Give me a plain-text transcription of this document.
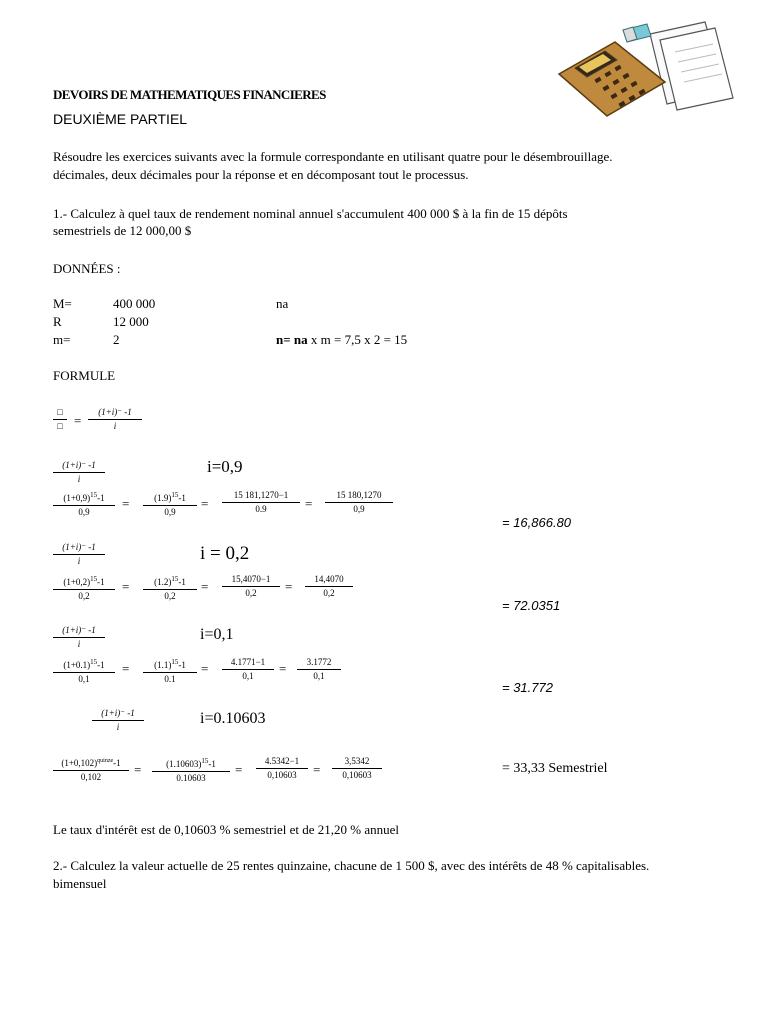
DEVOIRS DE MATHEMATIQUES FINANCIERES
DEUXIÈME PARTIEL
Résoudre les exercices suivants avec la formule correspondante en utilisant quatre pour le désembrouillage.
décimales, deux décimales pour la réponse et en décomposant tout le processus.
1.- Calculez à quel taux de rendement nominal annuel s'accumulent 400 000 $ à la fin de 15 dépôts
semestriels de 12 000,00 $
DONNÉES :
M=	400 000	na
R	12 000
m=	2	n= na x m = 7,5 x 2 = 15
FORMULE
□
□ =
(1+i)⁻ -1
i
(1+i)⁻ -1
i
i=0,9
$(1+0,9)^{15}-1$
0,9
=	$(1.9)^{15}-1$
0,9
=
15 181,1270−1
0.9	=
15 180,1270
0,9
= 16,866.80
(1+i)⁻ -1
i	i = 0,2
$(1+0,2)^{15}-1$
0,2
=	$(1.2)^{15}-1$
0,2
=	15,4070−1
0,2	=	14,4070
0,2
= 72.0351
(1+i)⁻ -1
i
i=0,1
$(1+0.1)^{15}-1$
0,1
=	$(1.1)^{15}-1$
0.1
=	4.1771−1
0,1	=	3.1772
0,1
= 31.772
(1+i)⁻ -1
i	i=0.10603
$(1+0,102)^{quinze}-1$
0,102	=	$(1.10603)^{15}-1$
0.10603
=
4.5342−1
0,10603	=
3,5342
0,10603	= 33,33 Semestriel
Le taux d'intérêt est de 0,10603 % semestriel et de 21,20 % annuel
2.- Calculez la valeur actuelle de 25 rentes quinzaine, chacune de 1 500 $, avec des intérêts de 48 % capitalisables.
bimensuel
